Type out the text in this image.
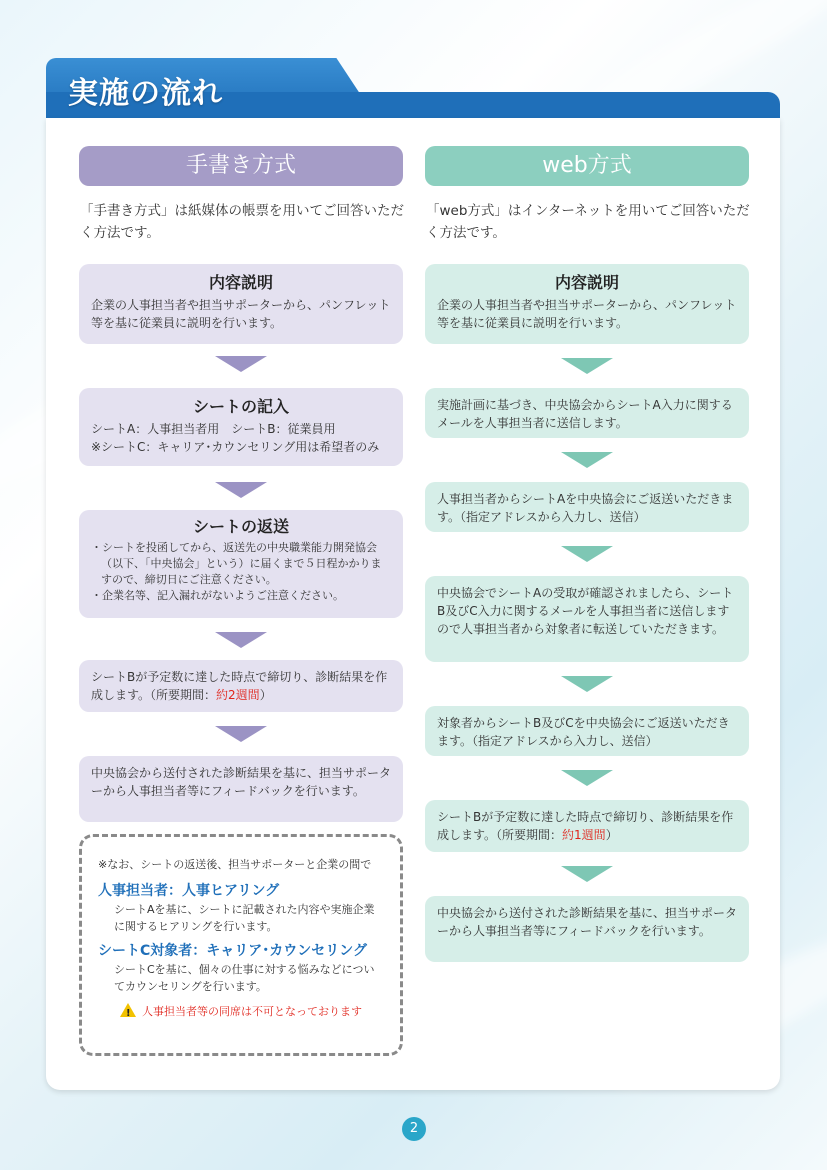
実施の流れ
手書き方式	web方式
「手書き方式」は紙媒体の帳票を用いてご回答いただく方法です。
「web方式」はインターネットを用いてご回答いただく方法です。
内容説明
企業の人事担当者や担当サポーターから、パンフレット等を基に従業員に説明を行います。
シートの記入
シートA：人事担当者用　シートB：従業員用
※シートC：キャリア･カウンセリング用は希望者のみ
シートの返送
・シートを投函してから、返送先の中央職業能力開発協会（以下、「中央協会」という）に届くまで５日程かかりますので、締切日にご注意ください。
・企業名等、記入漏れがないようご注意ください。
シートBが予定数に達した時点で締切り、診断結果を作成します。（所要期間：約2週間）
中央協会から送付された診断結果を基に、担当サポーターから人事担当者等にフィードバックを行います。
※なお、シートの返送後、担当サポーターと企業の間で
人事担当者：人事ヒアリング
シートAを基に、シートに記載された内容や実施企業に関するヒアリングを行います。
シートC対象者：キャリア･カウンセリング
シートCを基に、個々の仕事に対する悩みなどについてカウンセリングを行います。
!人事担当者等の同席は不可となっております
内容説明
企業の人事担当者や担当サポーターから、パンフレット等を基に従業員に説明を行います。
実施計画に基づき、中央協会からシートA入力に関するメールを人事担当者に送信します。
人事担当者からシートAを中央協会にご返送いただきます。（指定アドレスから入力し、送信）
中央協会でシートAの受取が確認されましたら、シートB及びC入力に関するメールを人事担当者に送信しますので人事担当者から対象者に転送していただきます。
対象者からシートB及びCを中央協会にご返送いただきます。（指定アドレスから入力し、送信）
シートBが予定数に達した時点で締切り、診断結果を作成します。（所要期間：約1週間）
中央協会から送付された診断結果を基に、担当サポーターから人事担当者等にフィードバックを行います。
2
